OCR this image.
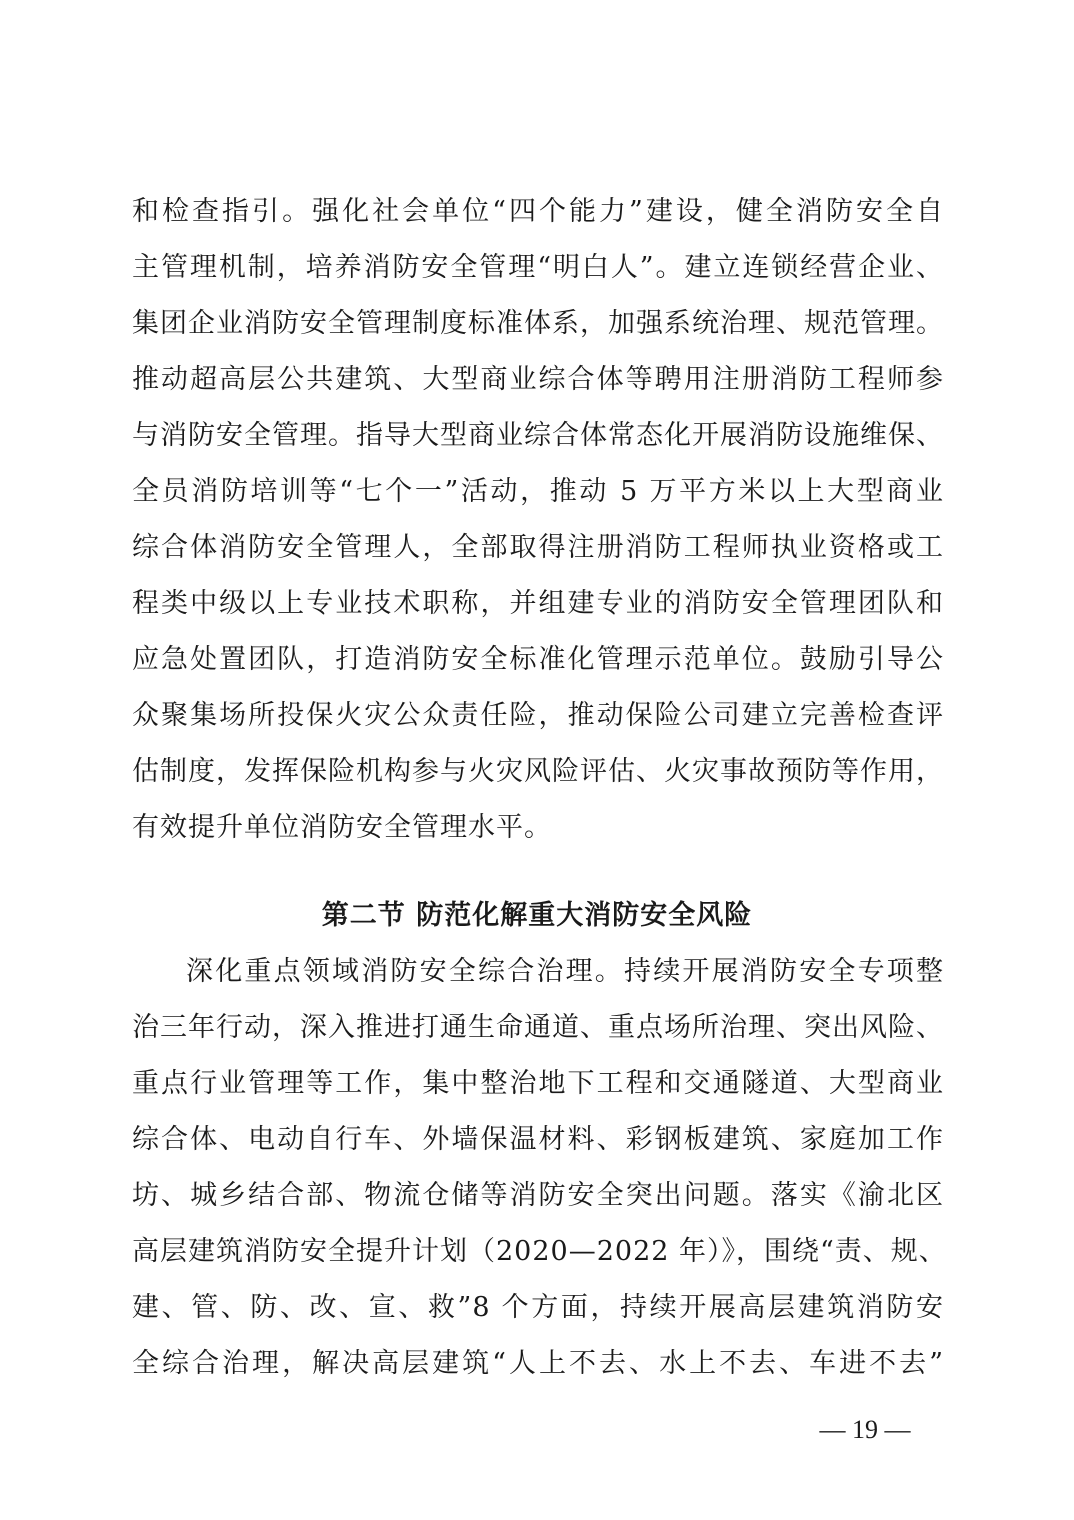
和检查指引。强化社会单位“四个能力”建设，健全消防安全自
主管理机制，培养消防安全管理“明白人”。建立连锁经营企业、
集团企业消防安全管理制度标准体系，加强系统治理、规范管理。
推动超高层公共建筑、大型商业综合体等聘用注册消防工程师参
与消防安全管理。指导大型商业综合体常态化开展消防设施维保、
全员消防培训等“七个一”活动，推动 5 万平方米以上大型商业
综合体消防安全管理人，全部取得注册消防工程师执业资格或工
程类中级以上专业技术职称，并组建专业的消防安全管理团队和
应急处置团队，打造消防安全标准化管理示范单位。鼓励引导公
众聚集场所投保火灾公众责任险，推动保险公司建立完善检查评
估制度，发挥保险机构参与火灾风险评估、火灾事故预防等作用，
有效提升单位消防安全管理水平。
第二节 防范化解重大消防安全风险
深化重点领域消防安全综合治理。持续开展消防安全专项整
治三年行动，深入推进打通生命通道、重点场所治理、突出风险、
重点行业管理等工作，集中整治地下工程和交通隧道、大型商业
综合体、电动自行车、外墙保温材料、彩钢板建筑、家庭加工作
坊、城乡结合部、物流仓储等消防安全突出问题。落实《渝北区
高层建筑消防安全提升计划（2020—2022 年）》，围绕“责、规、
建、管、防、改、宣、救”8 个方面，持续开展高层建筑消防安
全综合治理，解决高层建筑“人上不去、水上不去、车进不去”
— 19 —
